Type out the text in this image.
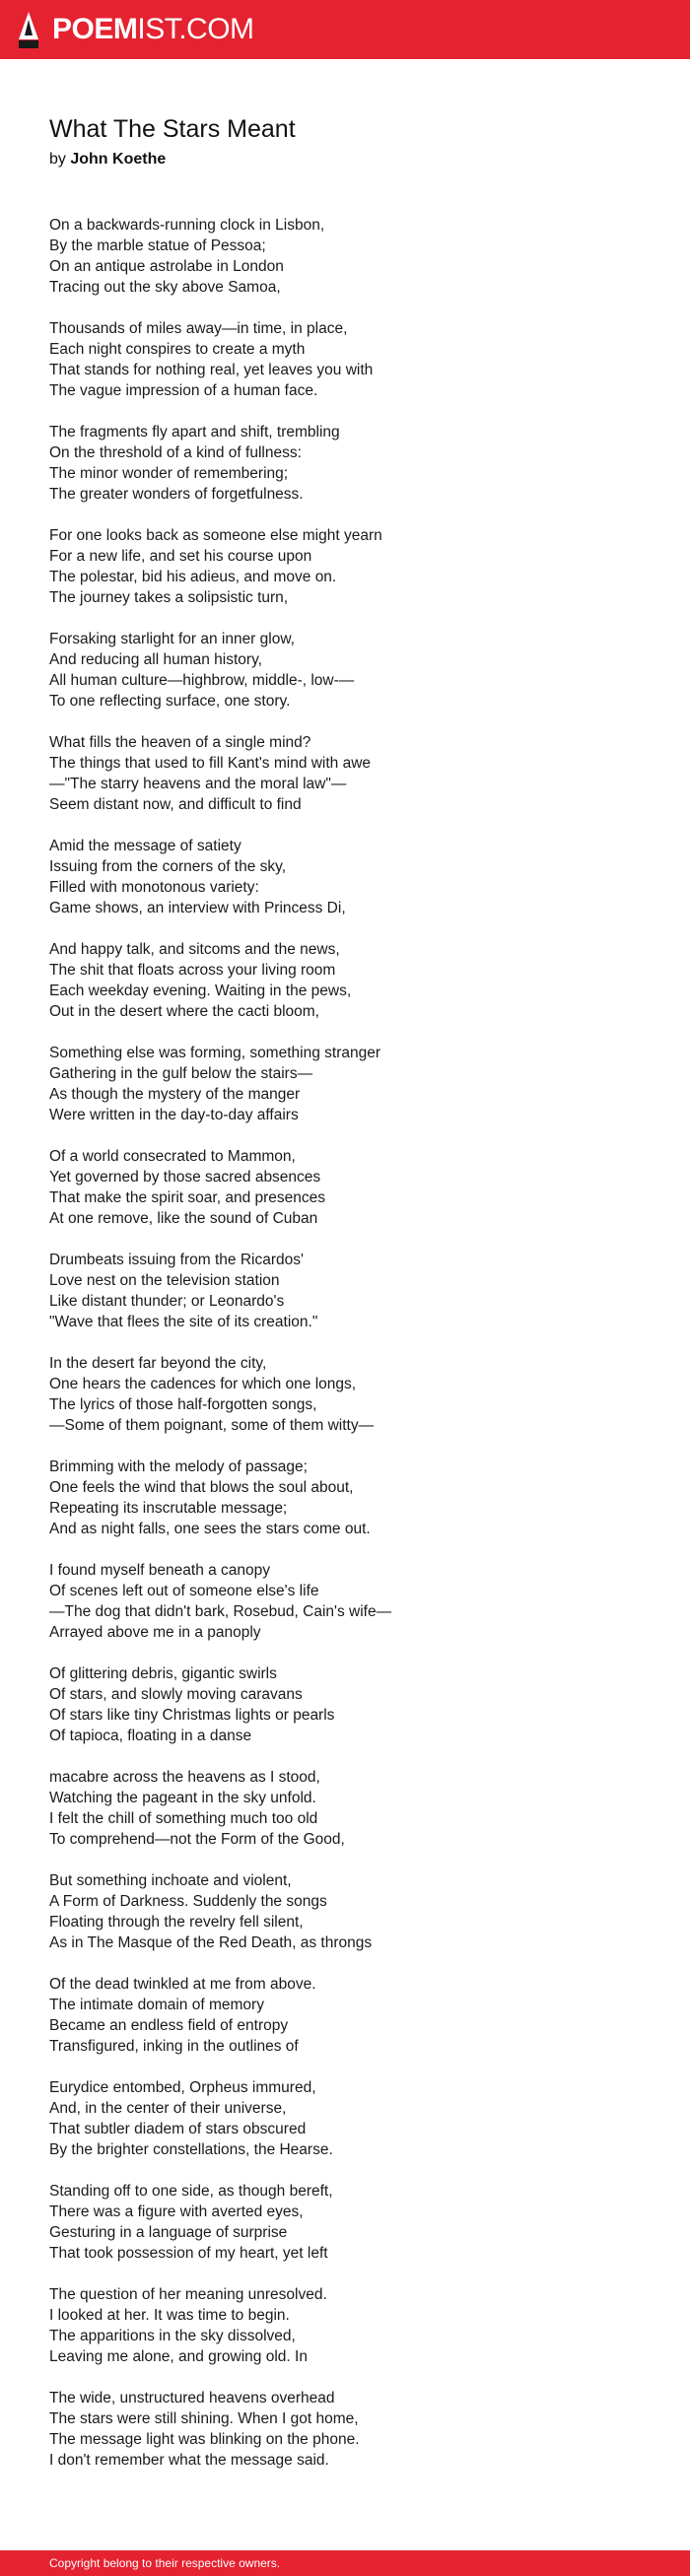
POEMIST.COM
What The Stars Meant

by John Koethe

On a backwards-running clock in Lisbon,
By the marble statue of Pessoa;
On an antique astrolabe in London
Tracing out the sky above Samoa,
Thousands of miles away—in time, in place,
Each night conspires to create a myth
That stands for nothing real, yet leaves you with
The vague impression of a human face.
The fragments fly apart and shift, trembling
On the threshold of a kind of fullness:
The minor wonder of remembering;
The greater wonders of forgetfulness.
For one looks back as someone else might yearn
For a new life, and set his course upon
The polestar, bid his adieus, and move on.
The journey takes a solipsistic turn,
Forsaking starlight for an inner glow,
And reducing all human history,
All human culture—highbrow, middle-, low-—
To one reflecting surface, one story.
What fills the heaven of a single mind?
The things that used to fill Kant's mind with awe
—"The starry heavens and the moral law"—
Seem distant now, and difficult to find
Amid the message of satiety
Issuing from the corners of the sky,
Filled with monotonous variety:
Game shows, an interview with Princess Di,
And happy talk, and sitcoms and the news,
The shit that floats across your living room
Each weekday evening. Waiting in the pews,
Out in the desert where the cacti bloom,
Something else was forming, something stranger
Gathering in the gulf below the stairs—
As though the mystery of the manger
Were written in the day-to-day affairs
Of a world consecrated to Mammon,
Yet governed by those sacred absences
That make the spirit soar, and presences
At one remove, like the sound of Cuban
Drumbeats issuing from the Ricardos'
Love nest on the television station
Like distant thunder; or Leonardo's
"Wave that flees the site of its creation."
In the desert far beyond the city,
One hears the cadences for which one longs,
The lyrics of those half-forgotten songs,
—Some of them poignant, some of them witty—
Brimming with the melody of passage;
One feels the wind that blows the soul about,
Repeating its inscrutable message;
And as night falls, one sees the stars come out.
I found myself beneath a canopy
Of scenes left out of someone else's life
—The dog that didn't bark, Rosebud, Cain's wife—
Arrayed above me in a panoply
Of glittering debris, gigantic swirls
Of stars, and slowly moving caravans
Of stars like tiny Christmas lights or pearls
Of tapioca, floating in a danse
macabre across the heavens as I stood,
Watching the pageant in the sky unfold.
I felt the chill of something much too old
To comprehend—not the Form of the Good,
But something inchoate and violent,
A Form of Darkness. Suddenly the songs
Floating through the revelry fell silent,
As in The Masque of the Red Death, as throngs
Of the dead twinkled at me from above.
The intimate domain of memory
Became an endless field of entropy
Transfigured, inking in the outlines of
Eurydice entombed, Orpheus immured,
And, in the center of their universe,
That subtler diadem of stars obscured
By the brighter constellations, the Hearse.
Standing off to one side, as though bereft,
There was a figure with averted eyes,
Gesturing in a language of surprise
That took possession of my heart, yet left
The question of her meaning unresolved.
I looked at her. It was time to begin.
The apparitions in the sky dissolved,
Leaving me alone, and growing old. In
The wide, unstructured heavens overhead
The stars were still shining. When I got home,
The message light was blinking on the phone.
I don't remember what the message said.
Copyright belong to their respective owners.
